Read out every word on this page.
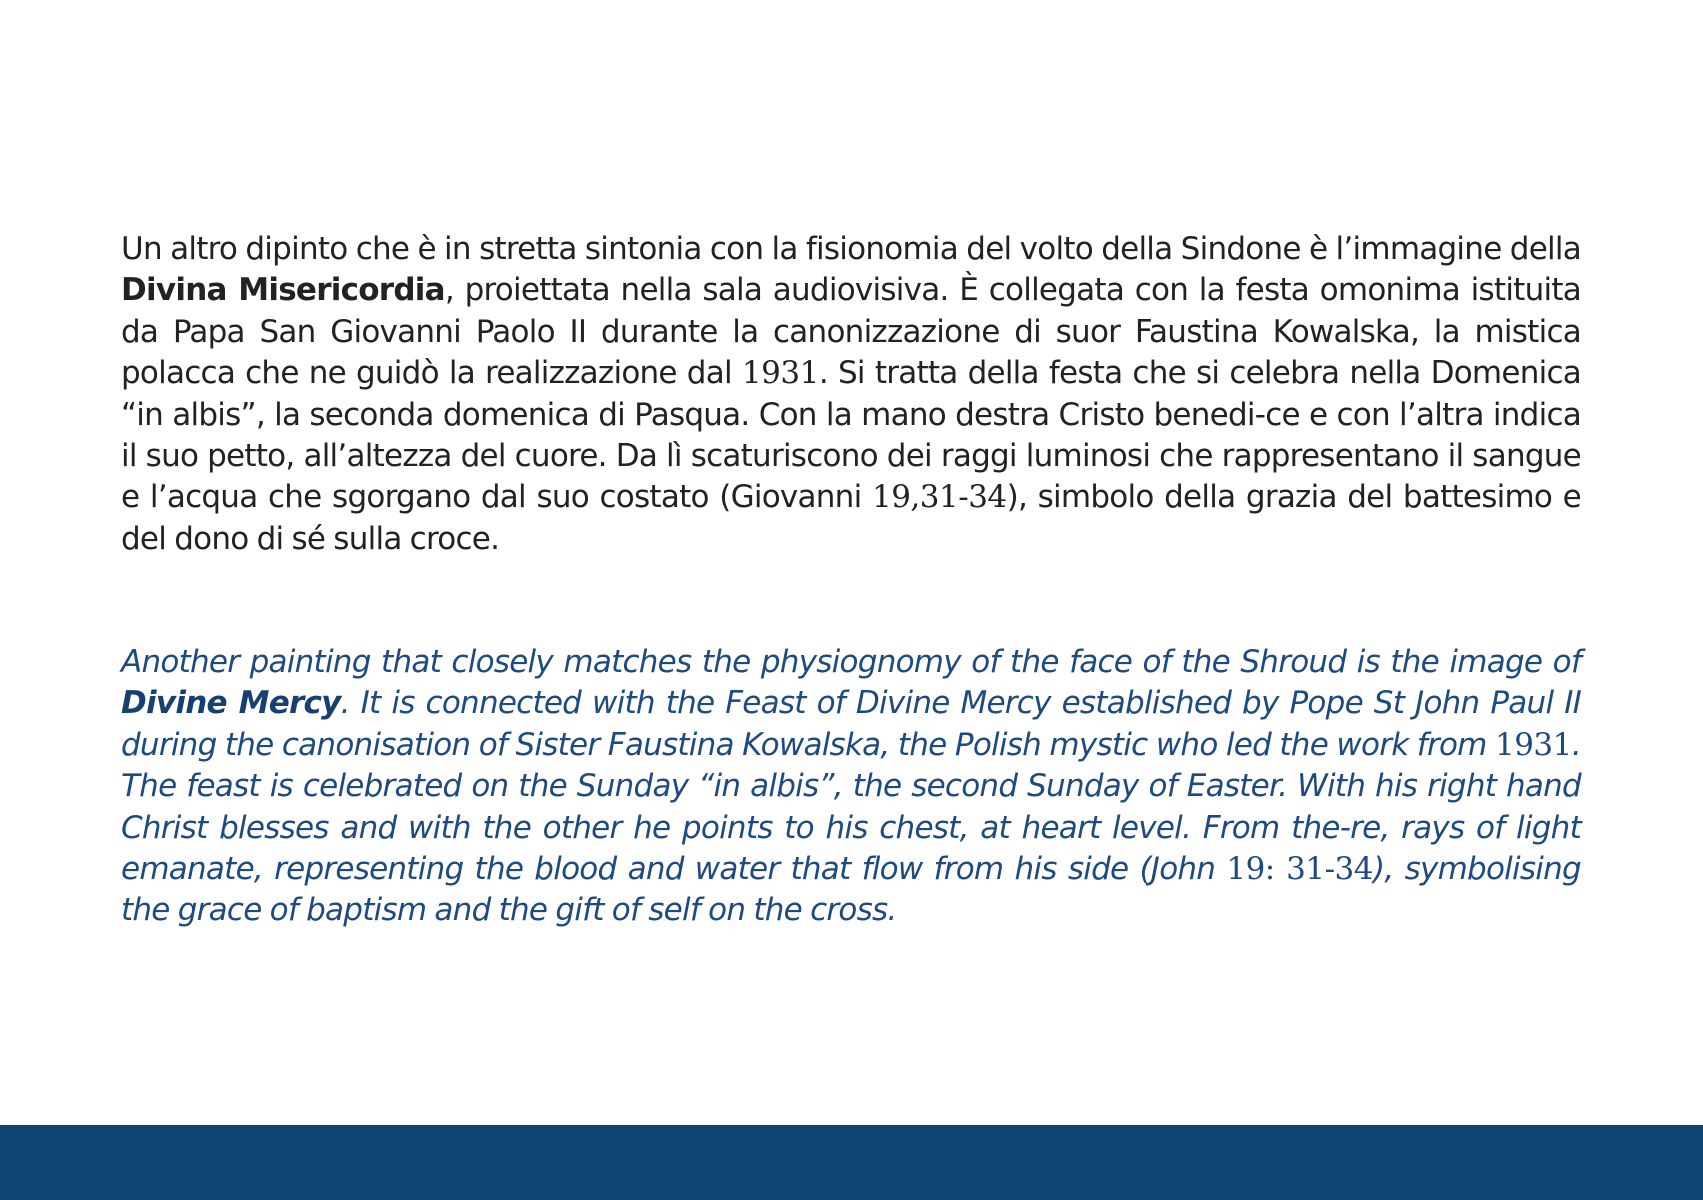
Un altro dipinto che è in stretta sintonia con la fisionomia del volto della Sindone è l’immagine della Divina Misericordia, proiettata nella sala audiovisiva. È collegata con la festa omonima istituita da Papa San Giovanni Paolo II durante la canonizzazione di suor Faustina Kowalska, la mistica polacca che ne guidò la realizzazione dal 1931. Si tratta della festa che si celebra nella Domenica “in albis”, la seconda domenica di Pasqua. Con la mano destra Cristo benedi-ce e con l’altra indica il suo petto, all’altezza del cuore. Da lì scaturiscono dei raggi luminosi che rappresentano il sangue e l’acqua che sgorgano dal suo costato (Giovanni 19,31-34), simbolo della grazia del battesimo e del dono di sé sulla croce.

Another painting that closely matches the physiognomy of the face of the Shroud is the image of Divine Mercy. It is connected with the Feast of Divine Mercy established by Pope St John Paul II during the canonisation of Sister Faustina Kowalska, the Polish mystic who led the work from 1931. The feast is celebrated on the Sunday “in albis”, the second Sunday of Easter. With his right hand Christ blesses and with the other he points to his chest, at heart level. From the-re, rays of light emanate, representing the blood and water that flow from his side (John 19: 31-34), symbolising the grace of baptism and the gift of self on the cross.
